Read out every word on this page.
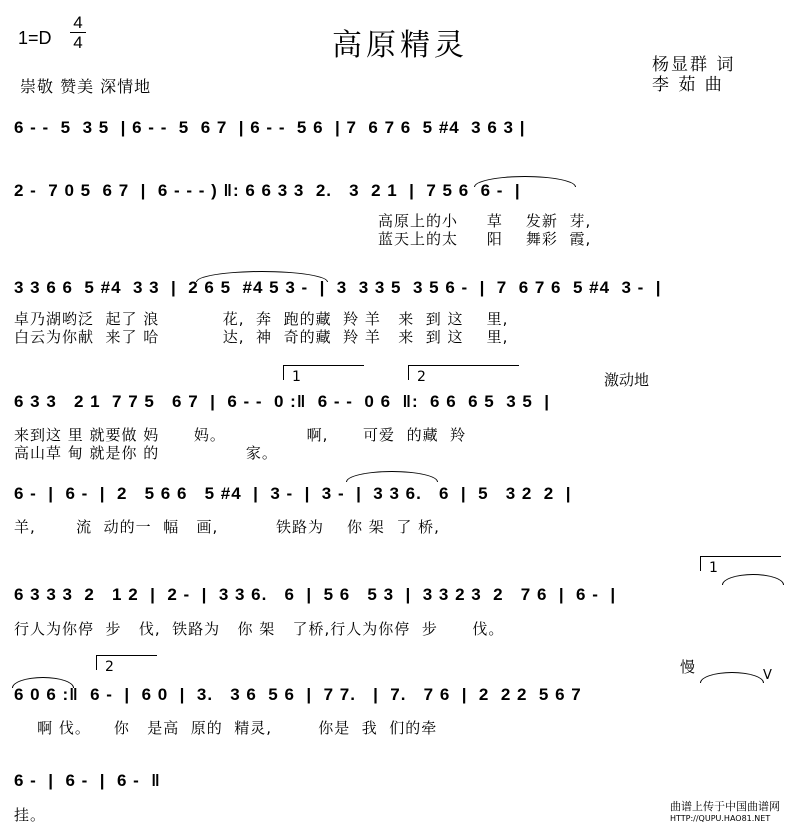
1=D
4
4	高原精灵
杨显群 词
李 茹 曲
崇敬 赞美 深情地
6 - -  5  3 5  | 6 - -  5  6 7  | 6 - -  5 6  | 7  6 7 6  5 #4  3 6 3 |
2 -  7 0 5  6 7  |  6 - - - ) ‖: 6 6 3 3  2.   3  2 1  |  7 5 6  6 -  |
高原上的小     草    发新  芽,
蓝天上的太     阳    舞彩  霞,
3 3 6 6  5 #4  3 3  |  2 6 5  #4 5 3 -  |  3  3 3 5  3 5 6 -  |  7  6 7 6  5 #4  3 -  |
卓乃湖哟泛  起了 浪           花,  奔  跑的藏  羚 羊   来  到 这    里,
白云为你献  来了 哈           达,  神  奇的藏  羚 羊   来  到 这    里,
1	2	激动地
6 3 3   2 1  7 7 5   6 7  |  6 - -  0 :‖  6 - -  0 6  ‖:  6 6  6 5  3 5  |
来到这 里 就要做 妈      妈。              啊,      可爱  的藏  羚
高山草 甸 就是你 的               家。
6 -  |  6 -  |  2   5 6 6   5 #4  |  3 -  |  3 -  |  3 3 6.   6  |  5   3 2  2  |
羊,       流  动的一  幅   画,          铁路为    你 架  了 桥,
1
6 3 3 3  2   1 2  |  2 -  |  3 3 6.   6  |  5 6   5 3  |  3 3 2 3  2   7 6  |  6 -  |
行人为你停  步   伐,  铁路为   你 架   了桥,行人为你停  步      伐。
2	慢	V
6 0 6 :‖  6 -  |  6 0  |  3.   3 6  5 6  |  7 7.   |  7.   7 6  |  2  2 2  5 6 7
啊 伐。    你   是高  原的  精灵,        你是  我  们的牵
6 -  |  6 -  |  6 -  ‖
挂。	曲谱上传于中国曲谱网
HTTP://QUPU.HAO81.NET
